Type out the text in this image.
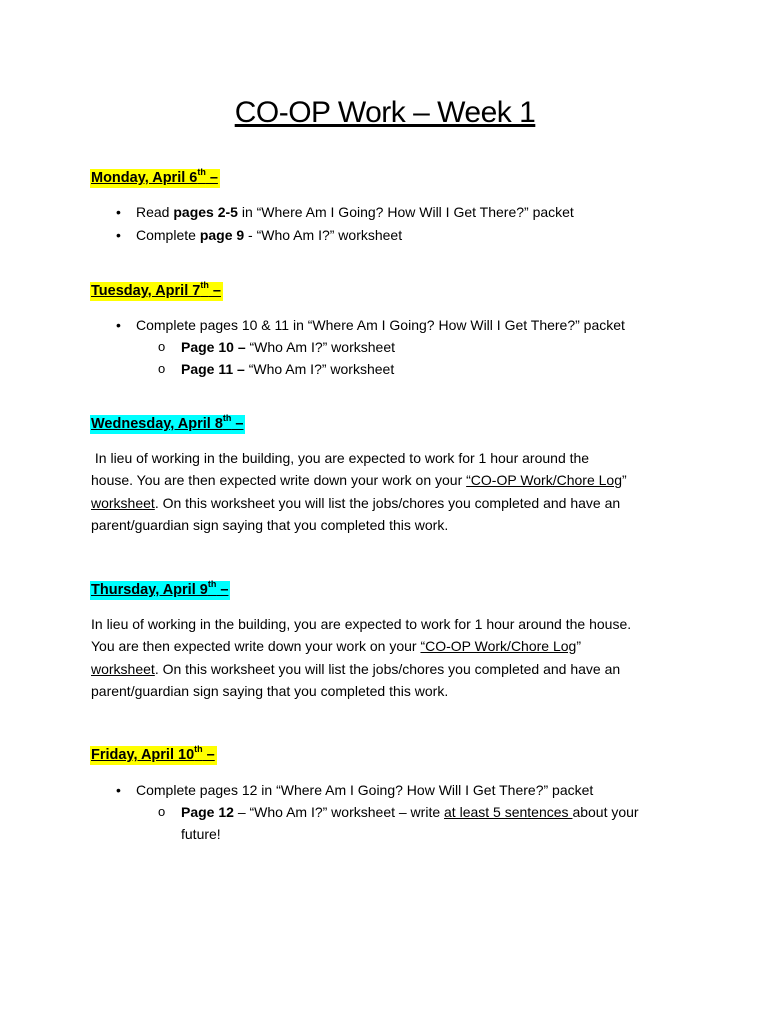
CO-OP Work – Week 1
Monday, April 6th –
• Read pages 2-5 in “Where Am I Going? How Will I Get There?” packet
• Complete page 9 - “Who Am I?” worksheet
Tuesday, April 7th –
• Complete pages 10 & 11 in “Where Am I Going? How Will I Get There?” packet
o Page 10 – “Who Am I?” worksheet
o Page 11 – “Who Am I?” worksheet
Wednesday, April 8th –
In lieu of working in the building, you are expected to work for 1 hour around the
house. You are then expected write down your work on your “CO-OP Work/Chore Log”
worksheet. On this worksheet you will list the jobs/chores you completed and have an
parent/guardian sign saying that you completed this work.
Thursday, April 9th –
In lieu of working in the building, you are expected to work for 1 hour around the house.
You are then expected write down your work on your “CO-OP Work/Chore Log”
worksheet. On this worksheet you will list the jobs/chores you completed and have an
parent/guardian sign saying that you completed this work.
Friday, April 10th –
• Complete pages 12 in “Where Am I Going? How Will I Get There?” packet
o Page 12 – “Who Am I?” worksheet – write at least 5 sentences about your
future!
